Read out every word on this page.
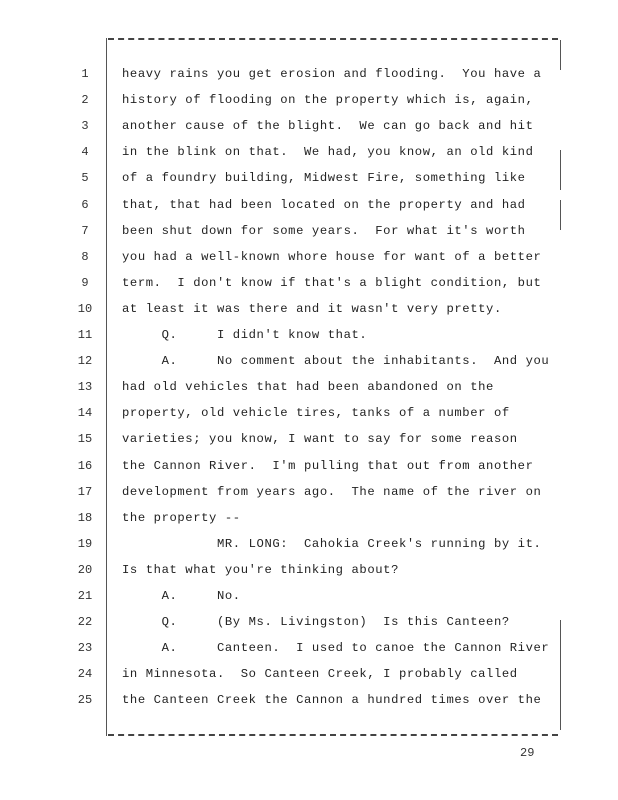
1	heavy rains you get erosion and flooding.  You have a
2	history of flooding on the property which is, again,
3	another cause of the blight.  We can go back and hit
4	in the blink on that.  We had, you know, an old kind
5	of a foundry building, Midwest Fire, something like
6	that, that had been located on the property and had
7	been shut down for some years.  For what it's worth
8	you had a well-known whore house for want of a better
9	term.  I don't know if that's a blight condition, but
10	at least it was there and it wasn't very pretty.
11	Q.     I didn't know that.
12	A.     No comment about the inhabitants.  And you
13	had old vehicles that had been abandoned on the
14	property, old vehicle tires, tanks of a number of
15	varieties; you know, I want to say for some reason
16	the Cannon River.  I'm pulling that out from another
17	development from years ago.  The name of the river on
18	the property --
19	MR. LONG:  Cahokia Creek's running by it.
20	Is that what you're thinking about?
21	A.     No.
22	Q.     (By Ms. Livingston)  Is this Canteen?
23	A.     Canteen.  I used to canoe the Cannon River
24	in Minnesota.  So Canteen Creek, I probably called
25	the Canteen Creek the Cannon a hundred times over the
29
